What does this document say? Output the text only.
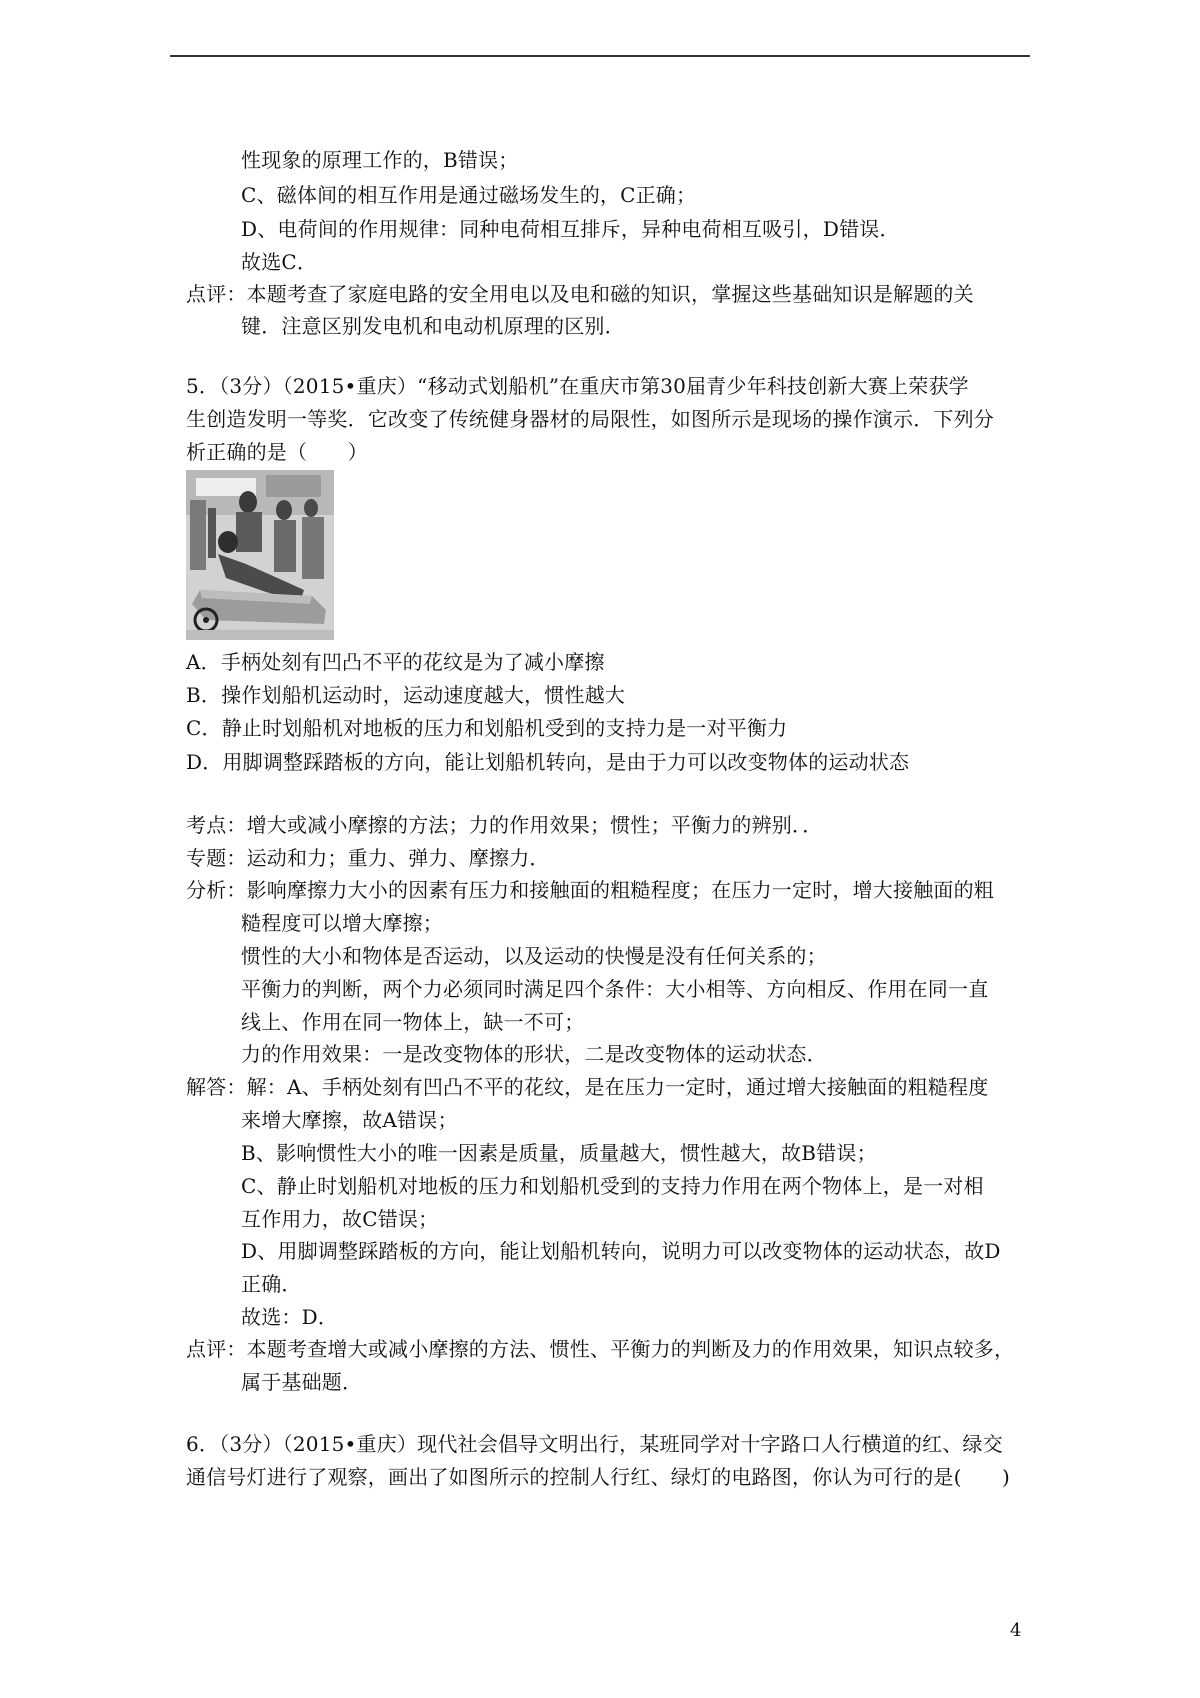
性现象的原理工作的，B错误；
C、磁体间的相互作用是通过磁场发生的，C正确；
D、电荷间的作用规律：同种电荷相互排斥，异种电荷相互吸引，D错误．
故选C．
点评：本题考查了家庭电路的安全用电以及电和磁的知识，掌握这些基础知识是解题的关
键．注意区别发电机和电动机原理的区别．
5．（3分）（2015•重庆）“移动式划船机”在重庆市第30届青少年科技创新大赛上荣获学
生创造发明一等奖．它改变了传统健身器材的局限性，如图所示是现场的操作演示．下列分
析正确的是（　　）
A．手柄处刻有凹凸不平的花纹是为了减小摩擦
B．操作划船机运动时，运动速度越大，惯性越大
C．静止时划船机对地板的压力和划船机受到的支持力是一对平衡力
D．用脚调整踩踏板的方向，能让划船机转向，是由于力可以改变物体的运动状态
考点：增大或减小摩擦的方法；力的作用效果；惯性；平衡力的辨别．．
专题：运动和力；重力、弹力、摩擦力．
分析：影响摩擦力大小的因素有压力和接触面的粗糙程度；在压力一定时，增大接触面的粗
糙程度可以增大摩擦；
惯性的大小和物体是否运动，以及运动的快慢是没有任何关系的；
平衡力的判断，两个力必须同时满足四个条件：大小相等、方向相反、作用在同一直
线上、作用在同一物体上，缺一不可；
力的作用效果：一是改变物体的形状，二是改变物体的运动状态．
解答：解：A、手柄处刻有凹凸不平的花纹，是在压力一定时，通过增大接触面的粗糙程度
来增大摩擦，故A错误；
B、影响惯性大小的唯一因素是质量，质量越大，惯性越大，故B错误；
C、静止时划船机对地板的压力和划船机受到的支持力作用在两个物体上，是一对相
互作用力，故C错误；
D、用脚调整踩踏板的方向，能让划船机转向，说明力可以改变物体的运动状态，故D
正确．
故选：D．
点评：本题考查增大或减小摩擦的方法、惯性、平衡力的判断及力的作用效果，知识点较多，
属于基础题．
6．（3分）（2015•重庆）现代社会倡导文明出行，某班同学对十字路口人行横道的红、绿交
通信号灯进行了观察，画出了如图所示的控制人行红、绿灯的电路图，你认为可行的是(　　)
4
